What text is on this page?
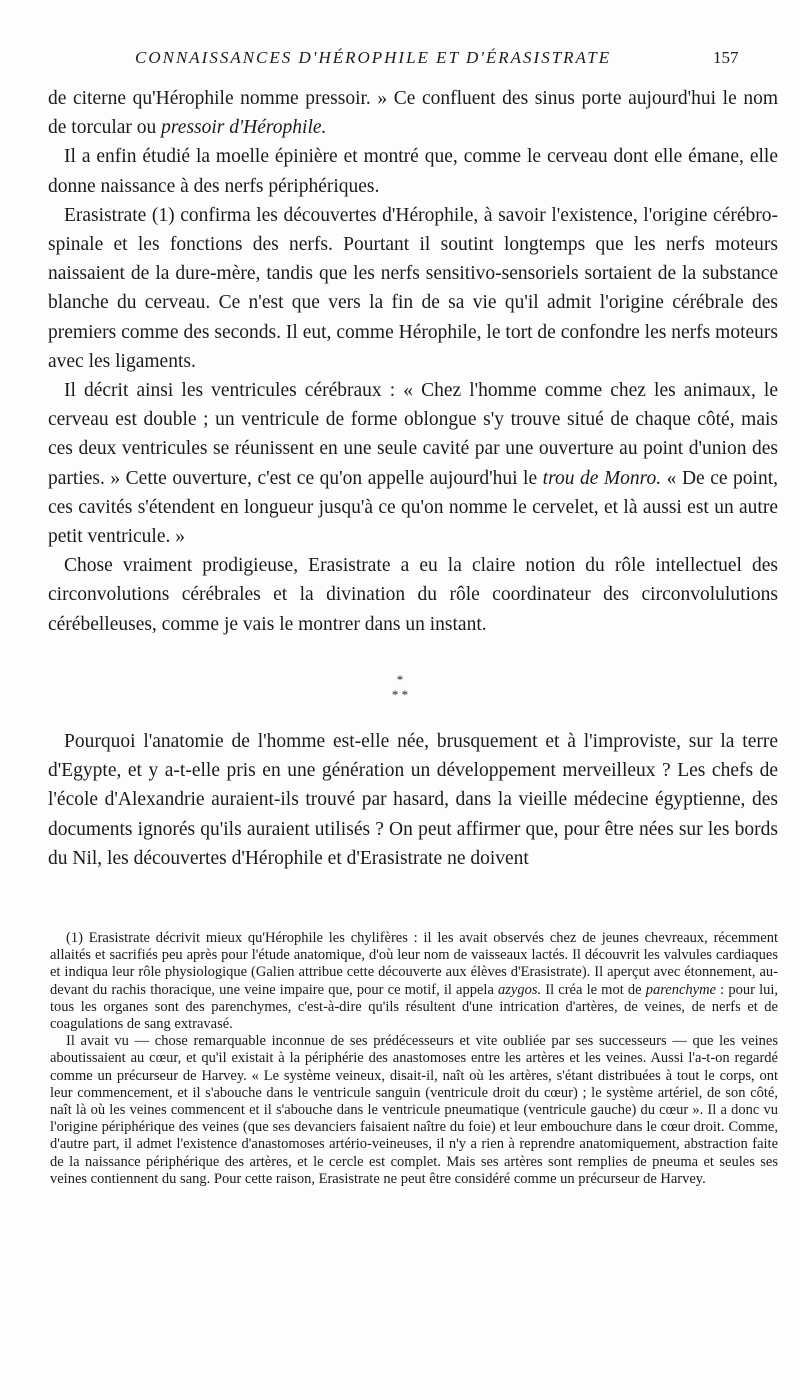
CONNAISSANCES D'HÉROPHILE ET D'ÉRASISTRATE	157

de citerne qu'Hérophile nomme pressoir. » Ce confluent des sinus porte aujourd'hui le nom de torcular ou pressoir d'Hérophile.

Il a enfin étudié la moelle épinière et montré que, comme le cerveau dont elle émane, elle donne naissance à des nerfs périphériques.

Erasistrate (1) confirma les découvertes d'Hérophile, à savoir l'existence, l'origine cérébro-spinale et les fonctions des nerfs. Pourtant il soutint longtemps que les nerfs moteurs naissaient de la dure-mère, tandis que les nerfs sensitivo-sensoriels sortaient de la substance blanche du cerveau. Ce n'est que vers la fin de sa vie qu'il admit l'origine cérébrale des premiers comme des seconds. Il eut, comme Hérophile, le tort de confondre les nerfs moteurs avec les ligaments.

Il décrit ainsi les ventricules cérébraux : « Chez l'homme comme chez les animaux, le cerveau est double ; un ventricule de forme oblongue s'y trouve situé de chaque côté, mais ces deux ventricules se réunissent en une seule cavité par une ouverture au point d'union des parties. » Cette ouverture, c'est ce qu'on appelle aujourd'hui le trou de Monro. « De ce point, ces cavités s'étendent en longueur jusqu'à ce qu'on nomme le cervelet, et là aussi est un autre petit ventricule. »

Chose vraiment prodigieuse, Erasistrate a eu la claire notion du rôle intellectuel des circonvolutions cérébrales et la divination du rôle coordinateur des circonvolulutions cérébelleuses, comme je vais le montrer dans un instant.

*
* *

Pourquoi l'anatomie de l'homme est-elle née, brusquement et à l'improviste, sur la terre d'Egypte, et y a-t-elle pris en une génération un développement merveilleux ? Les chefs de l'école d'Alexandrie auraient-ils trouvé par hasard, dans la vieille médecine égyptienne, des documents ignorés qu'ils auraient utilisés ? On peut affirmer que, pour être nées sur les bords du Nil, les découvertes d'Hérophile et d'Erasistrate ne doivent

(1) Erasistrate décrivit mieux qu'Hérophile les chylifères : il les avait observés chez de jeunes chevreaux, récemment allaités et sacrifiés peu après pour l'étude anatomique, d'où leur nom de vaisseaux lactés. Il découvrit les valvules cardiaques et indiqua leur rôle physiologique (Galien attribue cette découverte aux élèves d'Erasistrate). Il aperçut avec étonnement, au-devant du rachis thoracique, une veine impaire que, pour ce motif, il appela azygos. Il créa le mot de parenchyme : pour lui, tous les organes sont des parenchymes, c'est-à-dire qu'ils résultent d'une intrication d'artères, de veines, de nerfs et de coagulations de sang extravasé.

Il avait vu — chose remarquable inconnue de ses prédécesseurs et vite oubliée par ses successeurs — que les veines aboutissaient au cœur, et qu'il existait à la périphérie des anastomoses entre les artères et les veines. Aussi l'a-t-on regardé comme un précurseur de Harvey. « Le système veineux, disait-il, naît où les artères, s'étant distribuées à tout le corps, ont leur commencement, et il s'abouche dans le ventricule sanguin (ventricule droit du cœur) ; le système artériel, de son côté, naît là où les veines commencent et il s'abouche dans le ventricule pneumatique (ventricule gauche) du cœur ». Il a donc vu l'origine périphérique des veines (que ses devanciers faisaient naître du foie) et leur embouchure dans le cœur droit. Comme, d'autre part, il admet l'existence d'anastomoses artério-veineuses, il n'y a rien à reprendre anatomiquement, abstraction faite de la naissance périphérique des artères, et le cercle est complet. Mais ses artères sont remplies de pneuma et seules ses veines contiennent du sang. Pour cette raison, Erasistrate ne peut être considéré comme un précurseur de Harvey.
